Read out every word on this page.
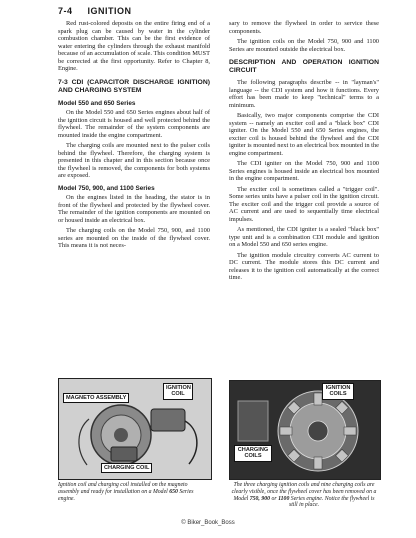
7-4 IGNITION

Red rust-colored deposits on the entire firing end of a spark plug can be caused by water in the cylinder combustion chamber. This can be the first evidence of water entering the cylinders through the exhaust manifold because of an accumulation of scale. This condition MUST be corrected at the first opportunity. Refer to Chapter 8, Engine.

7-3 CDI (CAPACITOR DISCHARGE IGNITION) AND CHARGING SYSTEM
Model 550 and 650 Series

On the Model 550 and 650 Series engines about half of the ignition circuit is housed and well protected behind the flywheel. The remainder of the system components are mounted inside the engine compartment.

The charging coils are mounted next to the pulser coils behind the flywheel. Therefore, the charging system is presented in this chapter and in this section because once the flywheel is removed, the components for both systems are exposed.

Model 750, 900, and 1100 Series

On the engines listed in the heading, the stator is in front of the flywheel and protected by the flywheel cover. The remainder of the ignition components are mounted on or housed inside an electrical box.

The charging coils on the Model 750, 900, and 1100 series are mounted on the inside of the flywheel cover. This means it is not neces-

sary to remove the flywheel in order to service these components.

The ignition coils on the Model 750, 900 and 1100 Series are mounted outside the electrical box.

DESCRIPTION AND OPERATION IGNITION CIRCUIT

The following paragraphs describe -- in "layman's" language -- the CDI system and how it functions. Every effort has been made to keep "technical" terms to a minimum.

Basically, two major components comprise the CDI system -- namely an exciter coil and a "black box" CDI igniter. On the Model 550 and 650 Series engines, the exciter coil is housed behind the flywheel and the CDI igniter is mounted next to an electrical box mounted in the engine compartment.

The CDI igniter on the Model 750, 900 and 1100 Series engines is housed inside an electrical box mounted in the engine compartment.

The exciter coil is sometimes called a "trigger coil". Some series units have a pulser coil in the ignition circuit. The exciter coil and the trigger coil provide a source of AC current and are used to sequentially time electrical impulses.

As mentioned, the CDI igniter is a sealed "black box" type unit and is a combination CDI module and ignition on a Model 550 and 650 series engine.

The ignition module circuitry converts AC current to DC current. The module stores this DC current and releases it to the ignition coil automatically at the correct time.

MAGNETO ASSEMBLY
IGNITION COIL
CHARGING COIL
IGNITION COILS
CHARGING COILS
Ignition coil and charging coil installed on the magneto assembly and ready for installation on a Model 650 Series engine.
The three charging ignition coils and nine charging coils are clearly visible, once the flywheel cover has been removed on a Model 750, 900 or 1100 Series engine. Notice the flywheel is still in place.
© Biker_Book_Boss
